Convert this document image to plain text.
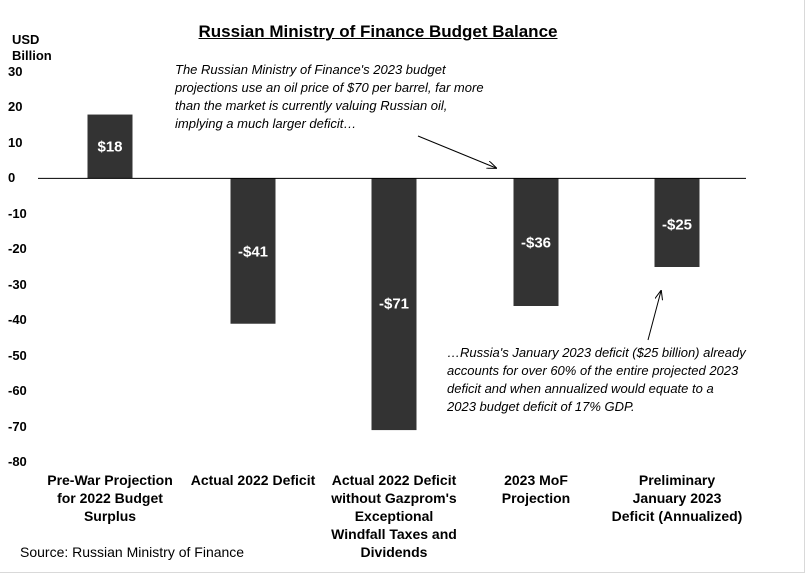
Russian Ministry of Finance Budget Balance
USD Billion
30
20
10
0
-10
-20
-30
-40
-50
-60
-70
-80
$18
-$41
-$71
-$36
-$25
Pre-War Projection
for 2022 Budget
Surplus
Actual 2022 Deficit	Actual 2022 Deficit
without Gazprom's
Exceptional
Windfall Taxes and
Dividends
2023 MoF
Projection
Preliminary
January 2023
Deficit (Annualized)
The Russian Ministry of Finance's 2023 budget
projections use an oil price of $70 per barrel, far more
than the market is currently valuing Russian oil,
implying a much larger deficit…
…Russia's January 2023 deficit ($25 billion) already
accounts for over 60% of the entire projected 2023
deficit and when annualized would equate to a
2023 budget deficit of 17% GDP.
Source: Russian Ministry of Finance
